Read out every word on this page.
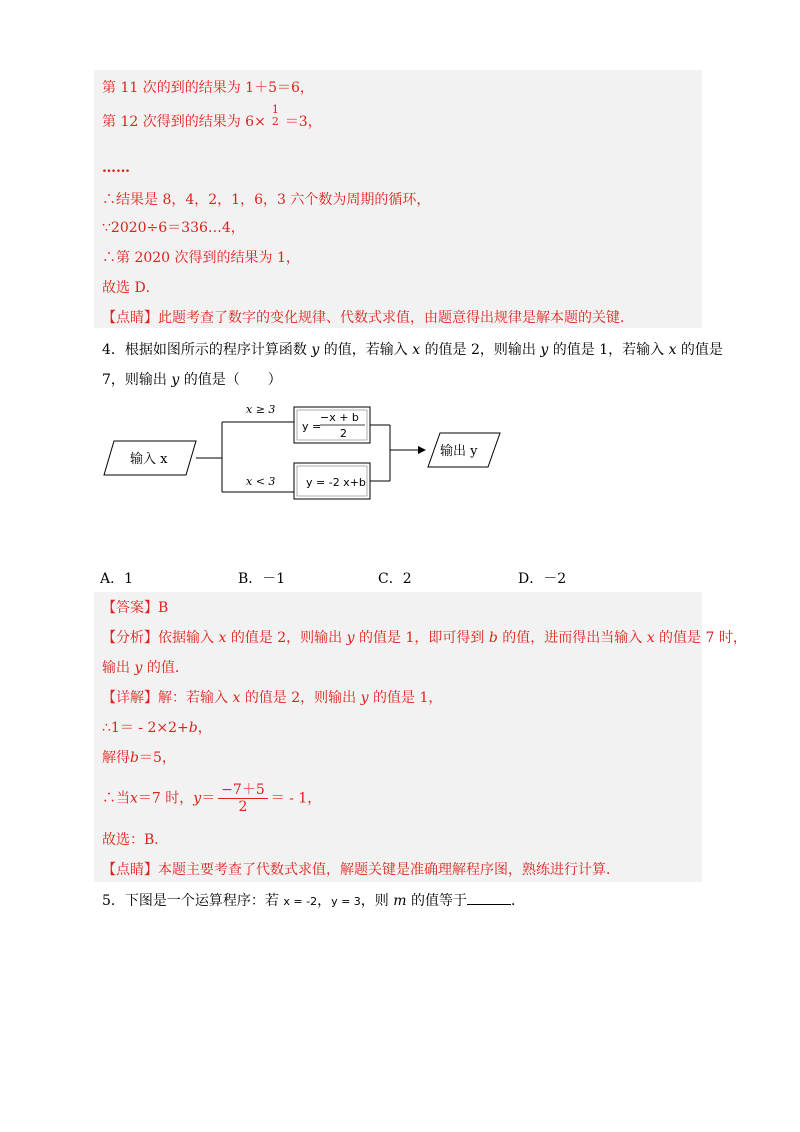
第 11 次的到的结果为 1＋5＝6，
第 12 次得到的结果为 6×
1
2 ＝3，
……
∴结果是 8，4，2，1，6，3 六个数为周期的循环，
∵2020÷6＝336…4，
∴第 2020 次得到的结果为 1，
故选 D．
【点睛】此题考查了数字的变化规律、代数式求值，由题意得出规律是解本题的关键．
4．根据如图所示的程序计算函数 y 的值，若输入 x 的值是 2，则输出 y 的值是 1，若输入 x 的值是
7，则输出 y 的值是（　　）
输入 x
x ≥ 3
x < 3
y =
−x + b
2
y = -2 x+b
输出 y
A．1	B．－1	C．2	D．－2
【答案】B
【分析】依据输入 x 的值是 2，则输出 y 的值是 1，即可得到 b 的值，进而得出当输入 x 的值是 7 时，
输出 y 的值．
【详解】解：若输入 x 的值是 2，则输出 y 的值是 1，
∴1＝ - 2×2+b，
解得b＝5，
∴当x＝7 时，$y= \frac{-7+5}{2}$ ＝ - 1，
故选：B．
【点睛】本题主要考查了代数式求值，解题关键是准确理解程序图，熟练进行计算．
5．下图是一个运算程序：若 x = -2，y = 3，则 m 的值等于	．
